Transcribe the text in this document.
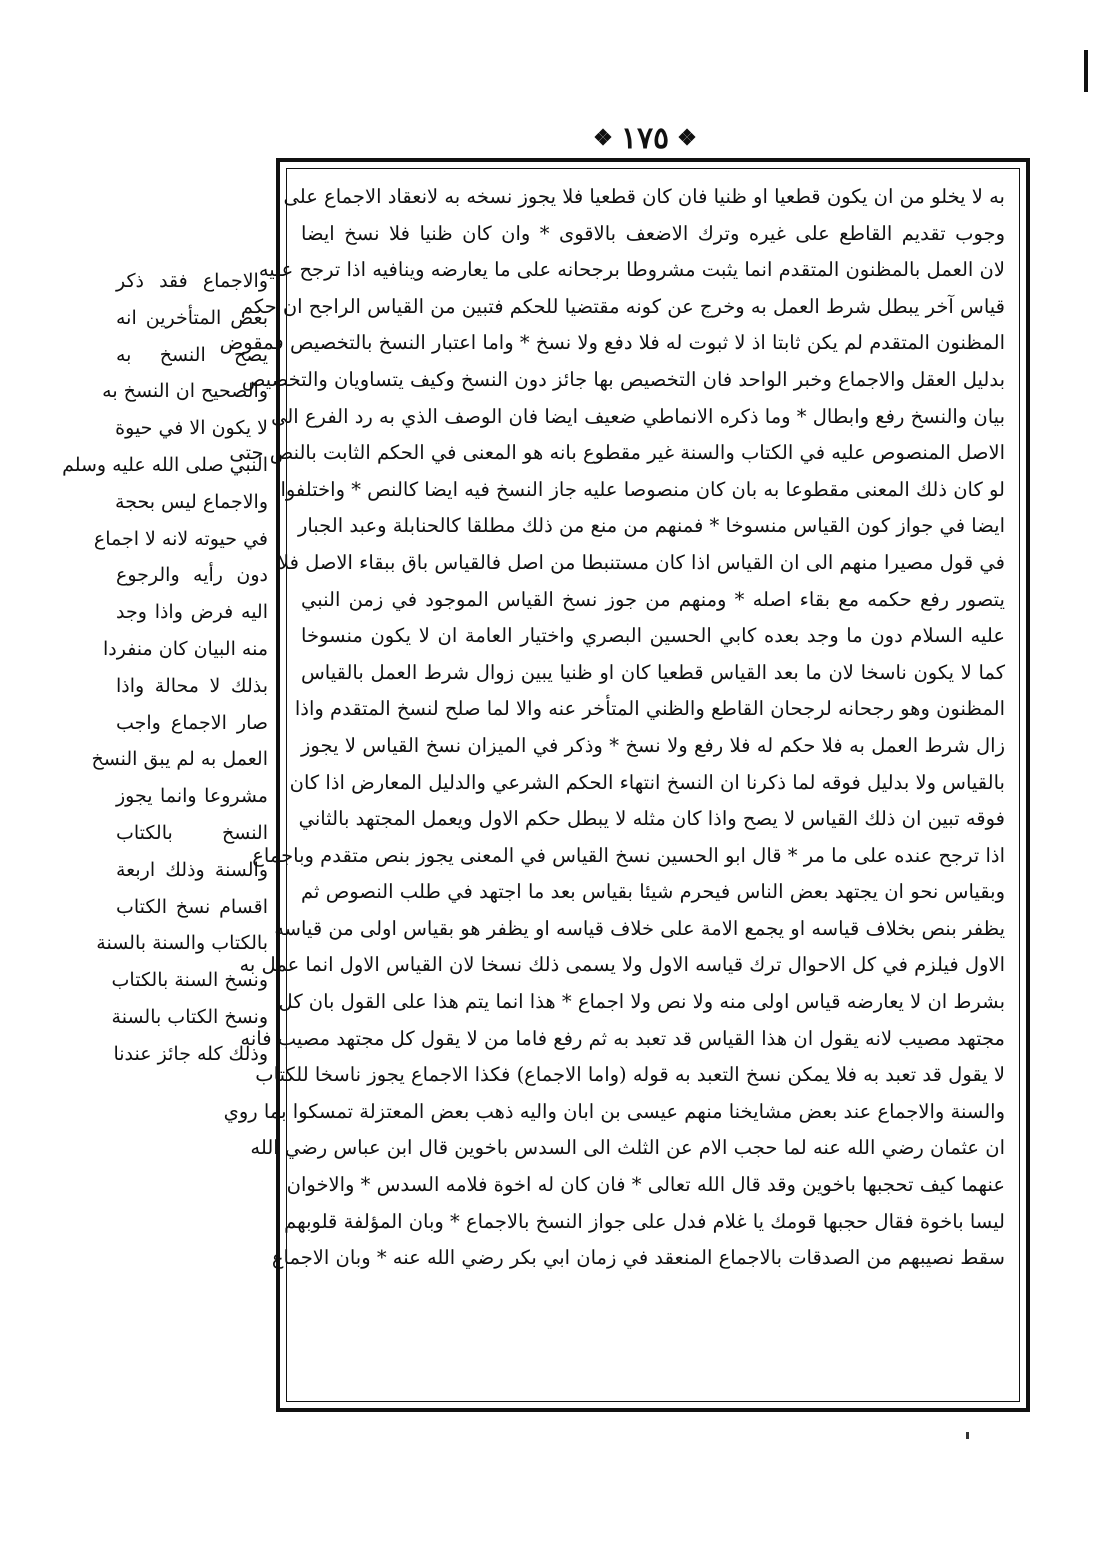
❖
١٧٥
❖
به لا يخلو من ان يكون قطعيا او ظنيا فان كان قطعيا فلا يجوز نسخه به لانعقاد الاجماع على
وجوب تقديم القاطع على غيره وترك الاضعف بالاقوى * وان كان ظنيا فلا نسخ ايضا
لان العمل بالمظنون المتقدم انما يثبت مشروطا برجحانه على ما يعارضه وينافيه اذا ترجح عليه
قياس آخر يبطل شرط العمل به وخرج عن كونه مقتضيا للحكم فتبين من القياس الراجح ان حكم
المظنون المتقدم لم يكن ثابتا اذ لا ثبوت له فلا دفع ولا نسخ * واما اعتبار النسخ بالتخصيص فمقوض
بدليل العقل والاجماع وخبر الواحد فان التخصيص بها جائز دون النسخ وكيف يتساويان والتخصيص
بيان والنسخ رفع وابطال * وما ذكره الانماطي ضعيف ايضا فان الوصف الذي به رد الفرع الى
الاصل المنصوص عليه في الكتاب والسنة غير مقطوع بانه هو المعنى في الحكم الثابت بالنص حتى
لو كان ذلك المعنى مقطوعا به بان كان منصوصا عليه جاز النسخ فيه ايضا كالنص * واختلفوا
ايضا في جواز كون القياس منسوخا * فمنهم من منع من ذلك مطلقا كالحنابلة وعبد الجبار
في قول مصيرا منهم الى ان القياس اذا كان مستنبطا من اصل فالقياس باق ببقاء الاصل فلا
يتصور رفع حكمه مع بقاء اصله * ومنهم من جوز نسخ القياس الموجود في زمن النبي
عليه السلام دون ما وجد بعده كابي الحسين البصري واختيار العامة ان لا يكون منسوخا
كما لا يكون ناسخا لان ما بعد القياس قطعيا كان او ظنيا يبين زوال شرط العمل بالقياس
المظنون وهو رجحانه لرجحان القاطع والظني المتأخر عنه والا لما صلح لنسخ المتقدم واذا
زال شرط العمل به فلا حكم له فلا رفع ولا نسخ * وذكر في الميزان نسخ القياس لا يجوز
بالقياس ولا بدليل فوقه لما ذكرنا ان النسخ انتهاء الحكم الشرعي والدليل المعارض اذا كان
فوقه تبين ان ذلك القياس لا يصح واذا كان مثله لا يبطل حكم الاول ويعمل المجتهد بالثاني
اذا ترجح عنده على ما مر * قال ابو الحسين نسخ القياس في المعنى يجوز بنص متقدم وباجماع
وبقياس نحو ان يجتهد بعض الناس فيحرم شيئا بقياس بعد ما اجتهد في طلب النصوص ثم
يظفر بنص بخلاف قياسه او يجمع الامة على خلاف قياسه او يظفر هو بقياس اولى من قياسه
الاول فيلزم في كل الاحوال ترك قياسه الاول ولا يسمى ذلك نسخا لان القياس الاول انما عمل به
بشرط ان لا يعارضه قياس اولى منه ولا نص ولا اجماع * هذا انما يتم هذا على القول بان كل
مجتهد مصيب لانه يقول ان هذا القياس قد تعبد به ثم رفع فاما من لا يقول كل مجتهد مصيب فانه
لا يقول قد تعبد به فلا يمكن نسخ التعبد به قوله (واما الاجماع) فكذا الاجماع يجوز ناسخا للكتاب
والسنة والاجماع عند بعض مشايخنا منهم عيسى بن ابان واليه ذهب بعض المعتزلة تمسكوا بما روي
ان عثمان رضي الله عنه لما حجب الام عن الثلث الى السدس باخوين قال ابن عباس رضي الله
عنهما كيف تحجبها باخوين وقد قال الله تعالى * فان كان له اخوة فلامه السدس * والاخوان
ليسا باخوة فقال حجبها قومك يا غلام فدل على جواز النسخ بالاجماع * وبان المؤلفة قلوبهم
سقط نصيبهم من الصدقات بالاجماع المنعقد في زمان ابي بكر رضي الله عنه * وبان الاجماع
والاجماع فقد ذكر
بعض المتأخرين انه
يصح النسخ به
والصحيح ان النسخ به
لا يكون الا في حيوة
النبي صلى الله عليه وسلم
والاجماع ليس بحجة
في حيوته لانه لا اجماع
دون رأيه والرجوع
اليه فرض واذا وجد
منه البيان كان منفردا
بذلك لا محالة واذا
صار الاجماع واجب
العمل به لم يبق النسخ
مشروعا وانما يجوز
النسخ بالكتاب
والسنة وذلك اربعة
اقسام نسخ الكتاب
بالكتاب والسنة بالسنة
ونسخ السنة بالكتاب
ونسخ الكتاب بالسنة
وذلك كله جائز عندنا
